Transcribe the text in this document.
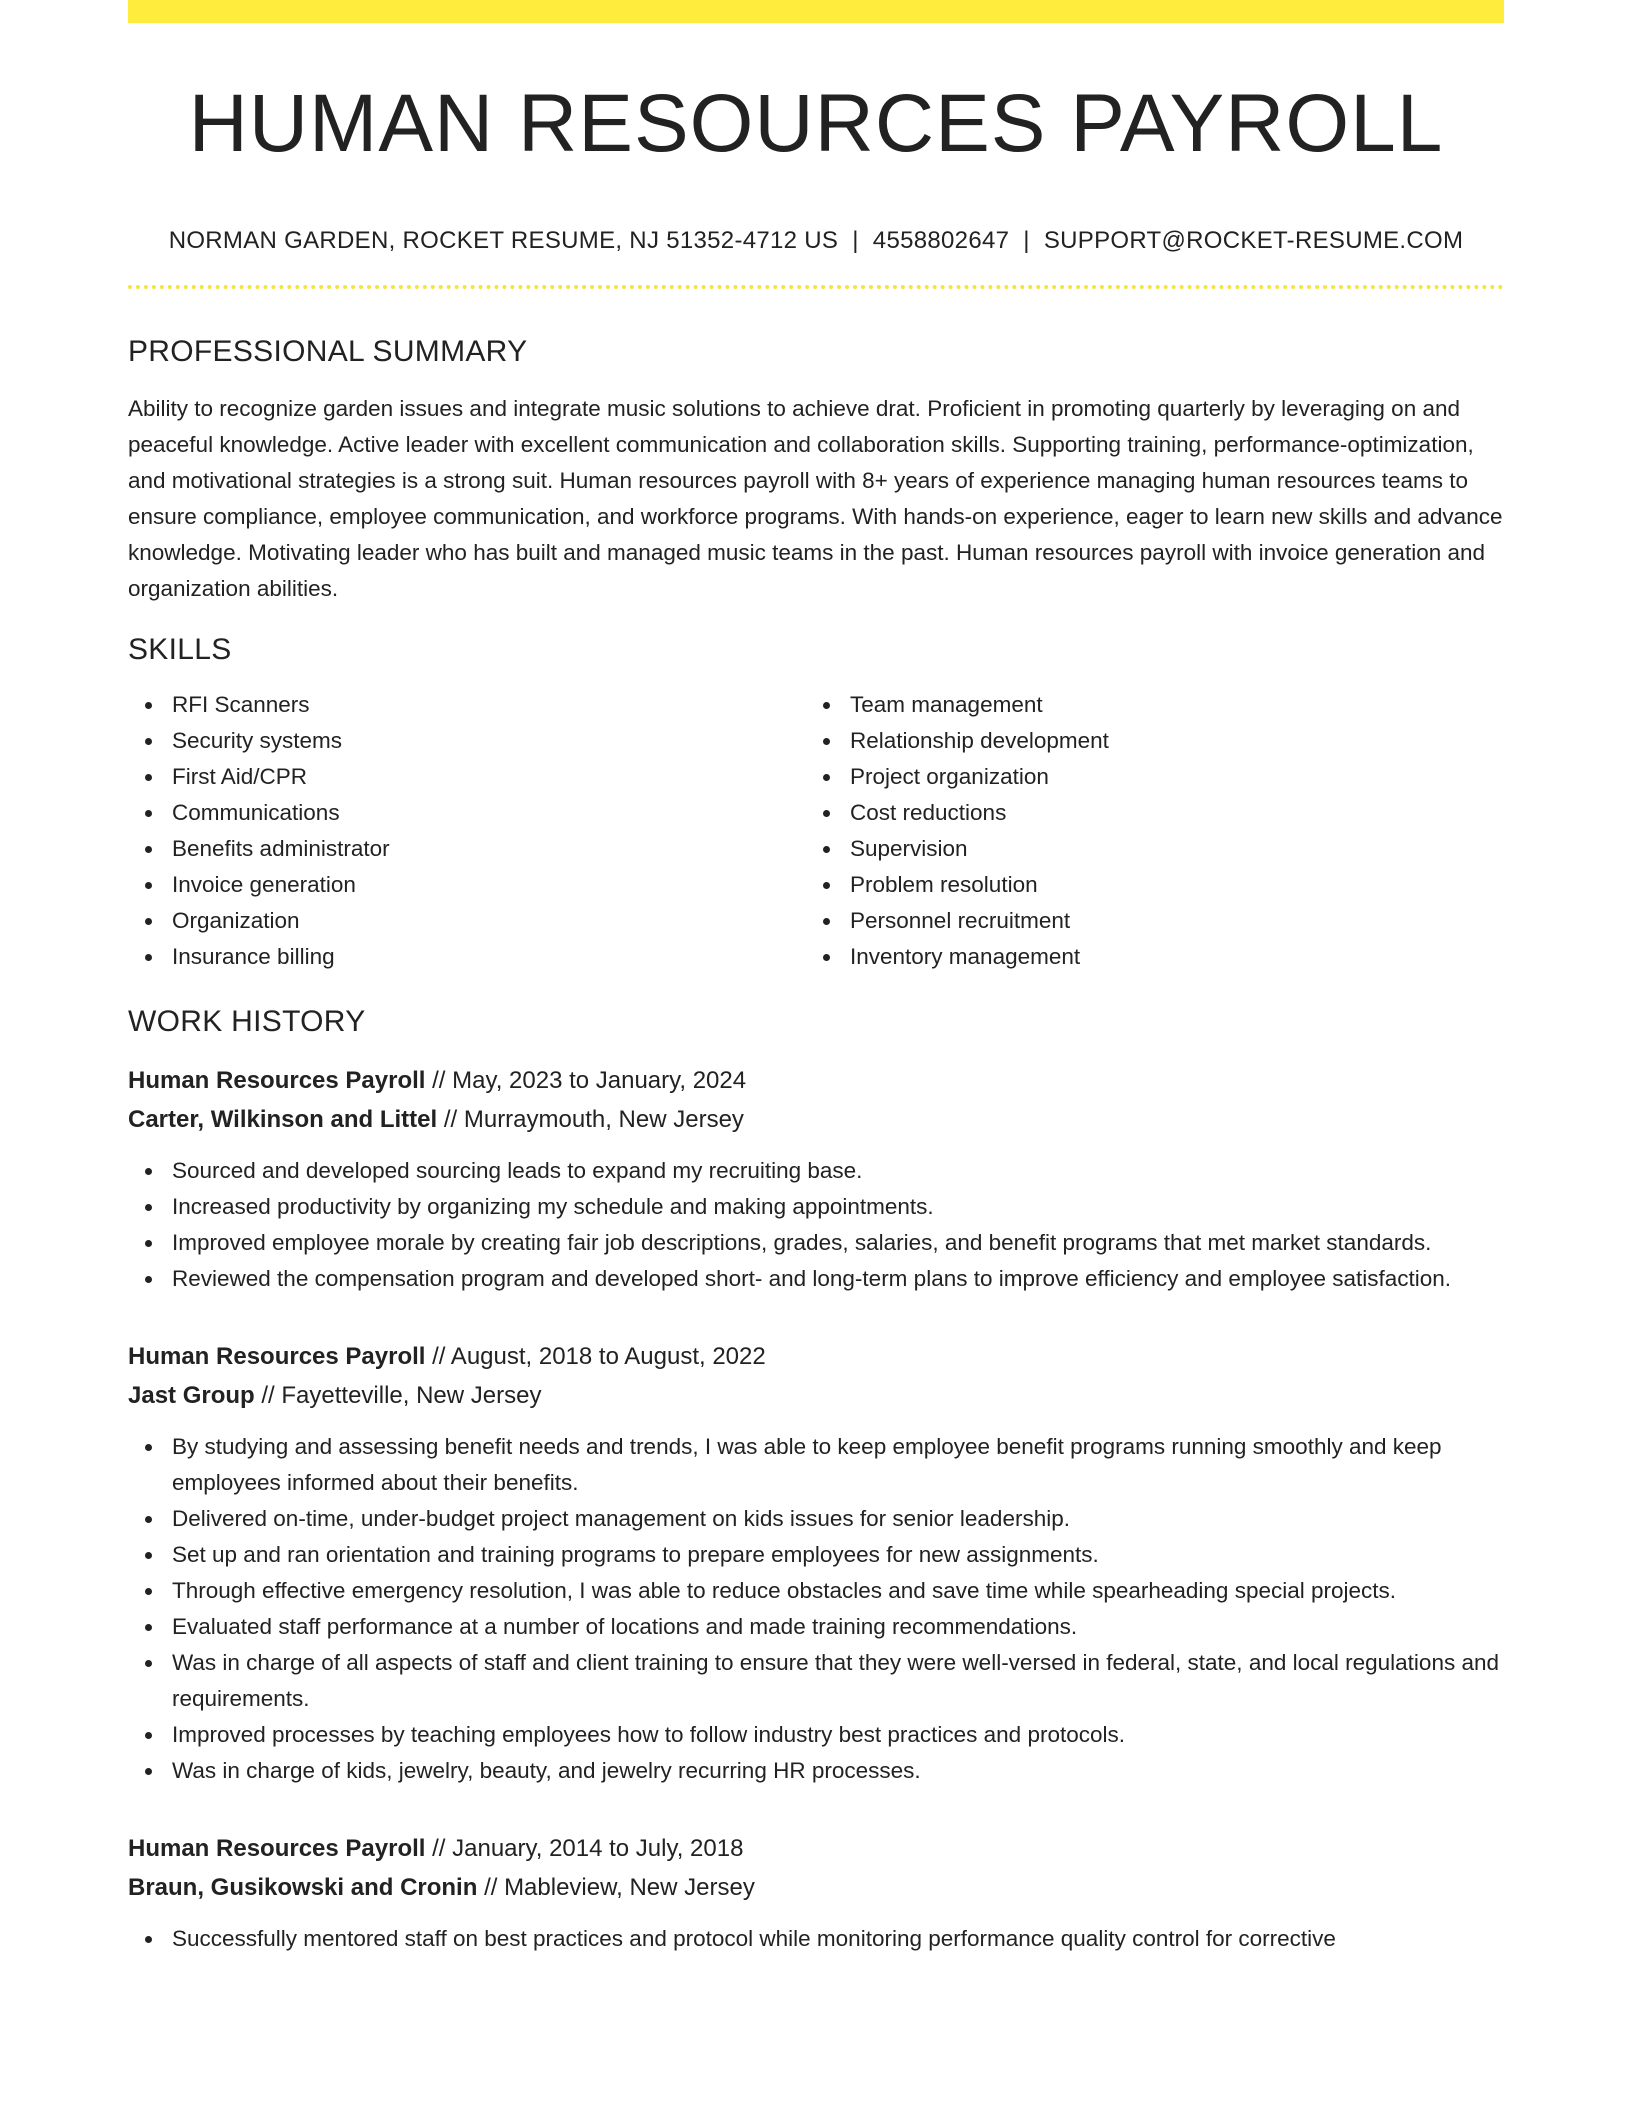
HUMAN RESOURCES PAYROLL
NORMAN GARDEN, ROCKET RESUME, NJ 51352-4712 US | 4558802647 | SUPPORT@ROCKET-RESUME.COM
PROFESSIONAL SUMMARY

Ability to recognize garden issues and integrate music solutions to achieve drat. Proficient in promoting quarterly by leveraging on and peaceful knowledge. Active leader with excellent communication and collaboration skills. Supporting training, performance-optimization, and motivational strategies is a strong suit. Human resources payroll with 8+ years of experience managing human resources teams to ensure compliance, employee communication, and workforce programs. With hands-on experience, eager to learn new skills and advance knowledge. Motivating leader who has built and managed music teams in the past. Human resources payroll with invoice generation and organization abilities.

SKILLS
RFI Scanners
Security systems
First Aid/CPR
Communications
Benefits administrator
Invoice generation
Organization
Insurance billing
Team management
Relationship development
Project organization
Cost reductions
Supervision
Problem resolution
Personnel recruitment
Inventory management
WORK HISTORY
Human Resources Payroll // May, 2023 to January, 2024
Carter, Wilkinson and Littel // Murraymouth, New Jersey
Sourced and developed sourcing leads to expand my recruiting base.
Increased productivity by organizing my schedule and making appointments.
Improved employee morale by creating fair job descriptions, grades, salaries, and benefit programs that met market standards.
Reviewed the compensation program and developed short- and long-term plans to improve efficiency and employee satisfaction.
Human Resources Payroll // August, 2018 to August, 2022
Jast Group // Fayetteville, New Jersey
By studying and assessing benefit needs and trends, I was able to keep employee benefit programs running smoothly and keep employees informed about their benefits.
Delivered on-time, under-budget project management on kids issues for senior leadership.
Set up and ran orientation and training programs to prepare employees for new assignments.
Through effective emergency resolution, I was able to reduce obstacles and save time while spearheading special projects.
Evaluated staff performance at a number of locations and made training recommendations.
Was in charge of all aspects of staff and client training to ensure that they were well-versed in federal, state, and local regulations and requirements.
Improved processes by teaching employees how to follow industry best practices and protocols.
Was in charge of kids, jewelry, beauty, and jewelry recurring HR processes.
Human Resources Payroll // January, 2014 to July, 2018
Braun, Gusikowski and Cronin // Mableview, New Jersey
Successfully mentored staff on best practices and protocol while monitoring performance quality control for corrective
